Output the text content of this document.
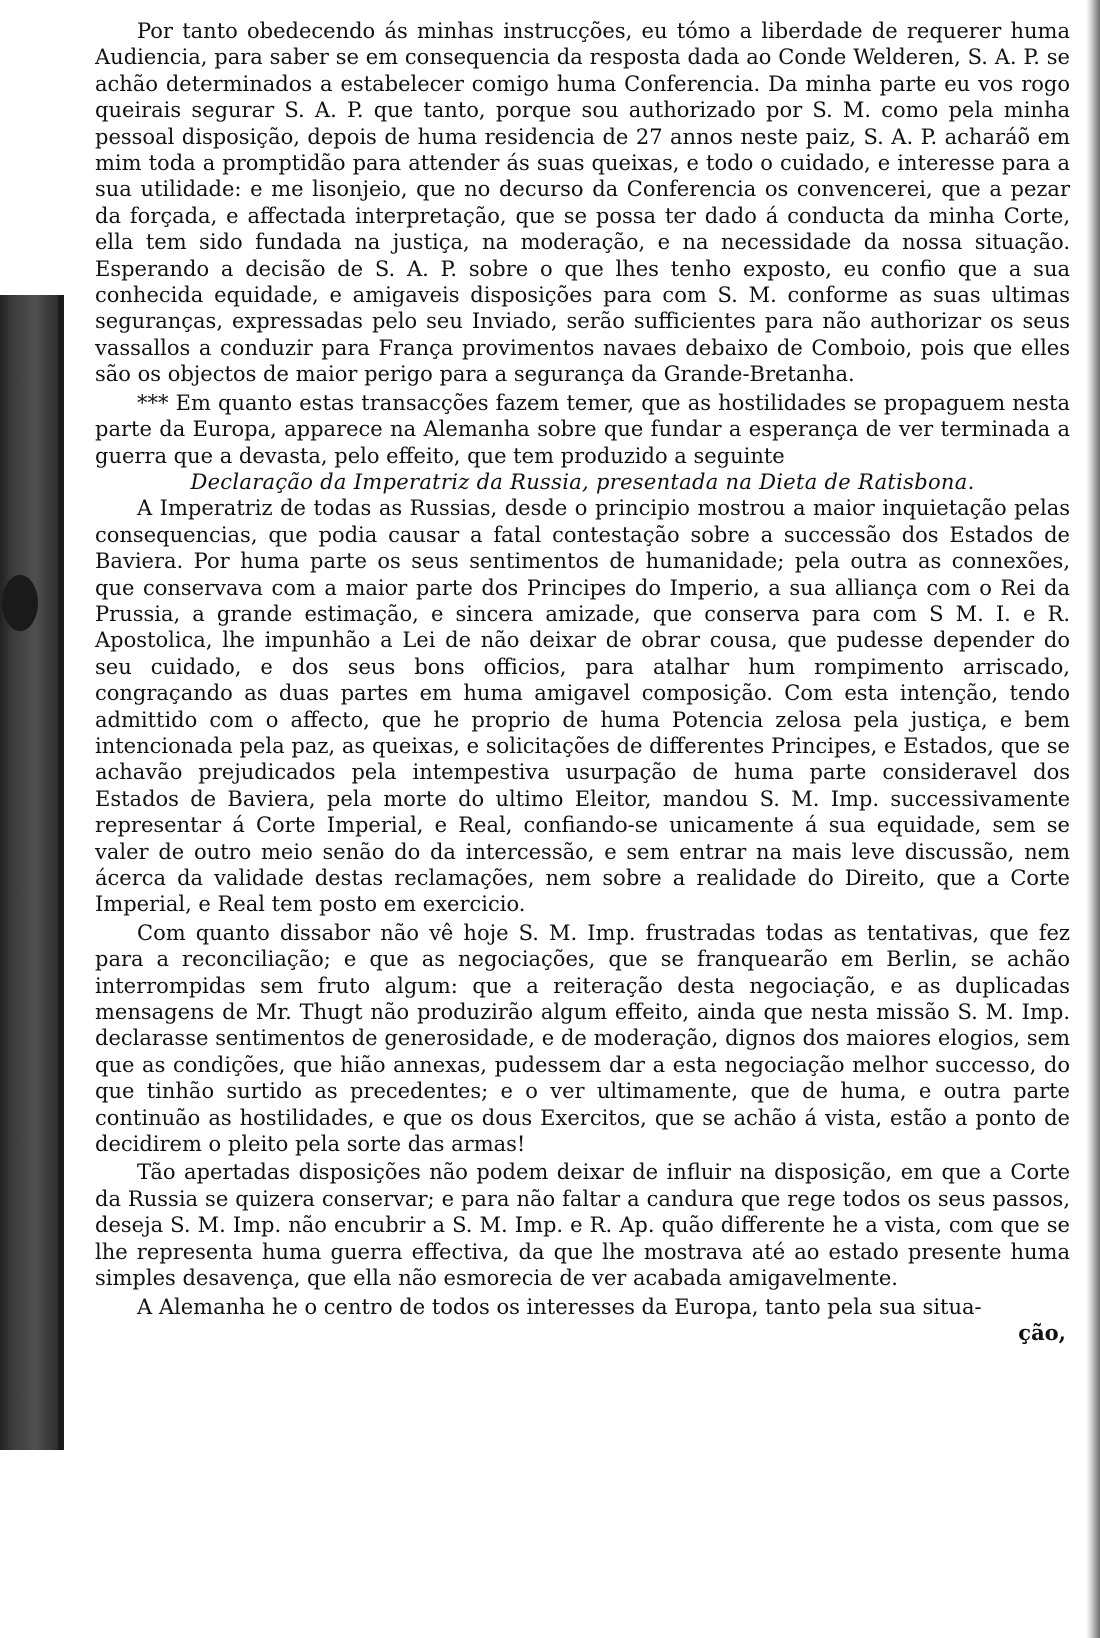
Por tanto obedecendo ás minhas instrucções, eu tómo a liberdade de requerer huma Audiencia, para saber se em consequencia da resposta dada ao Conde Welderen, S. A. P. se achão determinados a estabelecer comigo huma Conferencia. Da minha parte eu vos rogo queirais segurar S. A. P. que tanto, porque sou authorizado por S. M. como pela minha pessoal disposição, depois de huma residencia de 27 annos neste paiz, S. A. P. acharáõ em mim toda a promptidão para attender ás suas queixas, e todo o cuidado, e interesse para a sua utilidade: e me lisonjeio, que no decurso da Conferencia os convencerei, que a pezar da forçada, e affectada interpretação, que se possa ter dado á conducta da minha Corte, ella tem sido fundada na justiça, na moderação, e na necessidade da nossa situação. Esperando a decisão de S. A. P. sobre o que lhes tenho exposto, eu confio que a sua conhecida equidade, e amigaveis disposições para com S. M. conforme as suas ultimas seguranças, expressadas pelo seu Inviado, serão sufficientes para não authorizar os seus vassallos a conduzir para França provimentos navaes debaixo de Comboio, pois que elles são os objectos de maior perigo para a segurança da Grande-Bretanha.

*** Em quanto estas transacções fazem temer, que as hostilidades se propaguem nesta parte da Europa, apparece na Alemanha sobre que fundar a esperança de ver terminada a guerra que a devasta, pelo effeito, que tem produzido a seguinte

Declaração da Imperatriz da Russia, presentada na Dieta de Ratisbona.

A Imperatriz de todas as Russias, desde o principio mostrou a maior inquietação pelas consequencias, que podia causar a fatal contestação sobre a successão dos Estados de Baviera. Por huma parte os seus sentimentos de humanidade; pela outra as connexões, que conservava com a maior parte dos Principes do Imperio, a sua alliança com o Rei da Prussia, a grande estimação, e sincera amizade, que conserva para com S M. I. e R. Apostolica, lhe impunhão a Lei de não deixar de obrar cousa, que pudesse depender do seu cuidado, e dos seus bons officios, para atalhar hum rompimento arriscado, congraçando as duas partes em huma amigavel composição. Com esta intenção, tendo admittido com o affecto, que he proprio de huma Potencia zelosa pela justiça, e bem intencionada pela paz, as queixas, e solicitações de differentes Principes, e Estados, que se achavão prejudicados pela intempestiva usurpação de huma parte consideravel dos Estados de Baviera, pela morte do ultimo Eleitor, mandou S. M. Imp. successivamente representar á Corte Imperial, e Real, confiando-se unicamente á sua equidade, sem se valer de outro meio senão do da intercessão, e sem entrar na mais leve discussão, nem ácerca da validade destas reclamações, nem sobre a realidade do Direito, que a Corte Imperial, e Real tem posto em exercicio.

Com quanto dissabor não vê hoje S. M. Imp. frustradas todas as tentativas, que fez para a reconciliação; e que as negociações, que se franquearão em Berlin, se achão interrompidas sem fruto algum: que a reiteração desta negociação, e as duplicadas mensagens de Mr. Thugt não produzirão algum effeito, ainda que nesta missão S. M. Imp. declarasse sentimentos de generosidade, e de moderação, dignos dos maiores elogios, sem que as condições, que hião annexas, pudessem dar a esta negociação melhor successo, do que tinhão surtido as precedentes; e o ver ultimamente, que de huma, e outra parte continuão as hostilidades, e que os dous Exercitos, que se achão á vista, estão a ponto de decidirem o pleito pela sorte das armas!

Tão apertadas disposições não podem deixar de influir na disposição, em que a Corte da Russia se quizera conservar; e para não faltar a candura que rege todos os seus passos, deseja S. M. Imp. não encubrir a S. M. Imp. e R. Ap. quão differente he a vista, com que se lhe representa huma guerra effectiva, da que lhe mostrava até ao estado presente huma simples desavença, que ella não esmorecia de ver acabada amigavelmente.

A Alemanha he o centro de todos os interesses da Europa, tanto pela sua situa-

ção,
